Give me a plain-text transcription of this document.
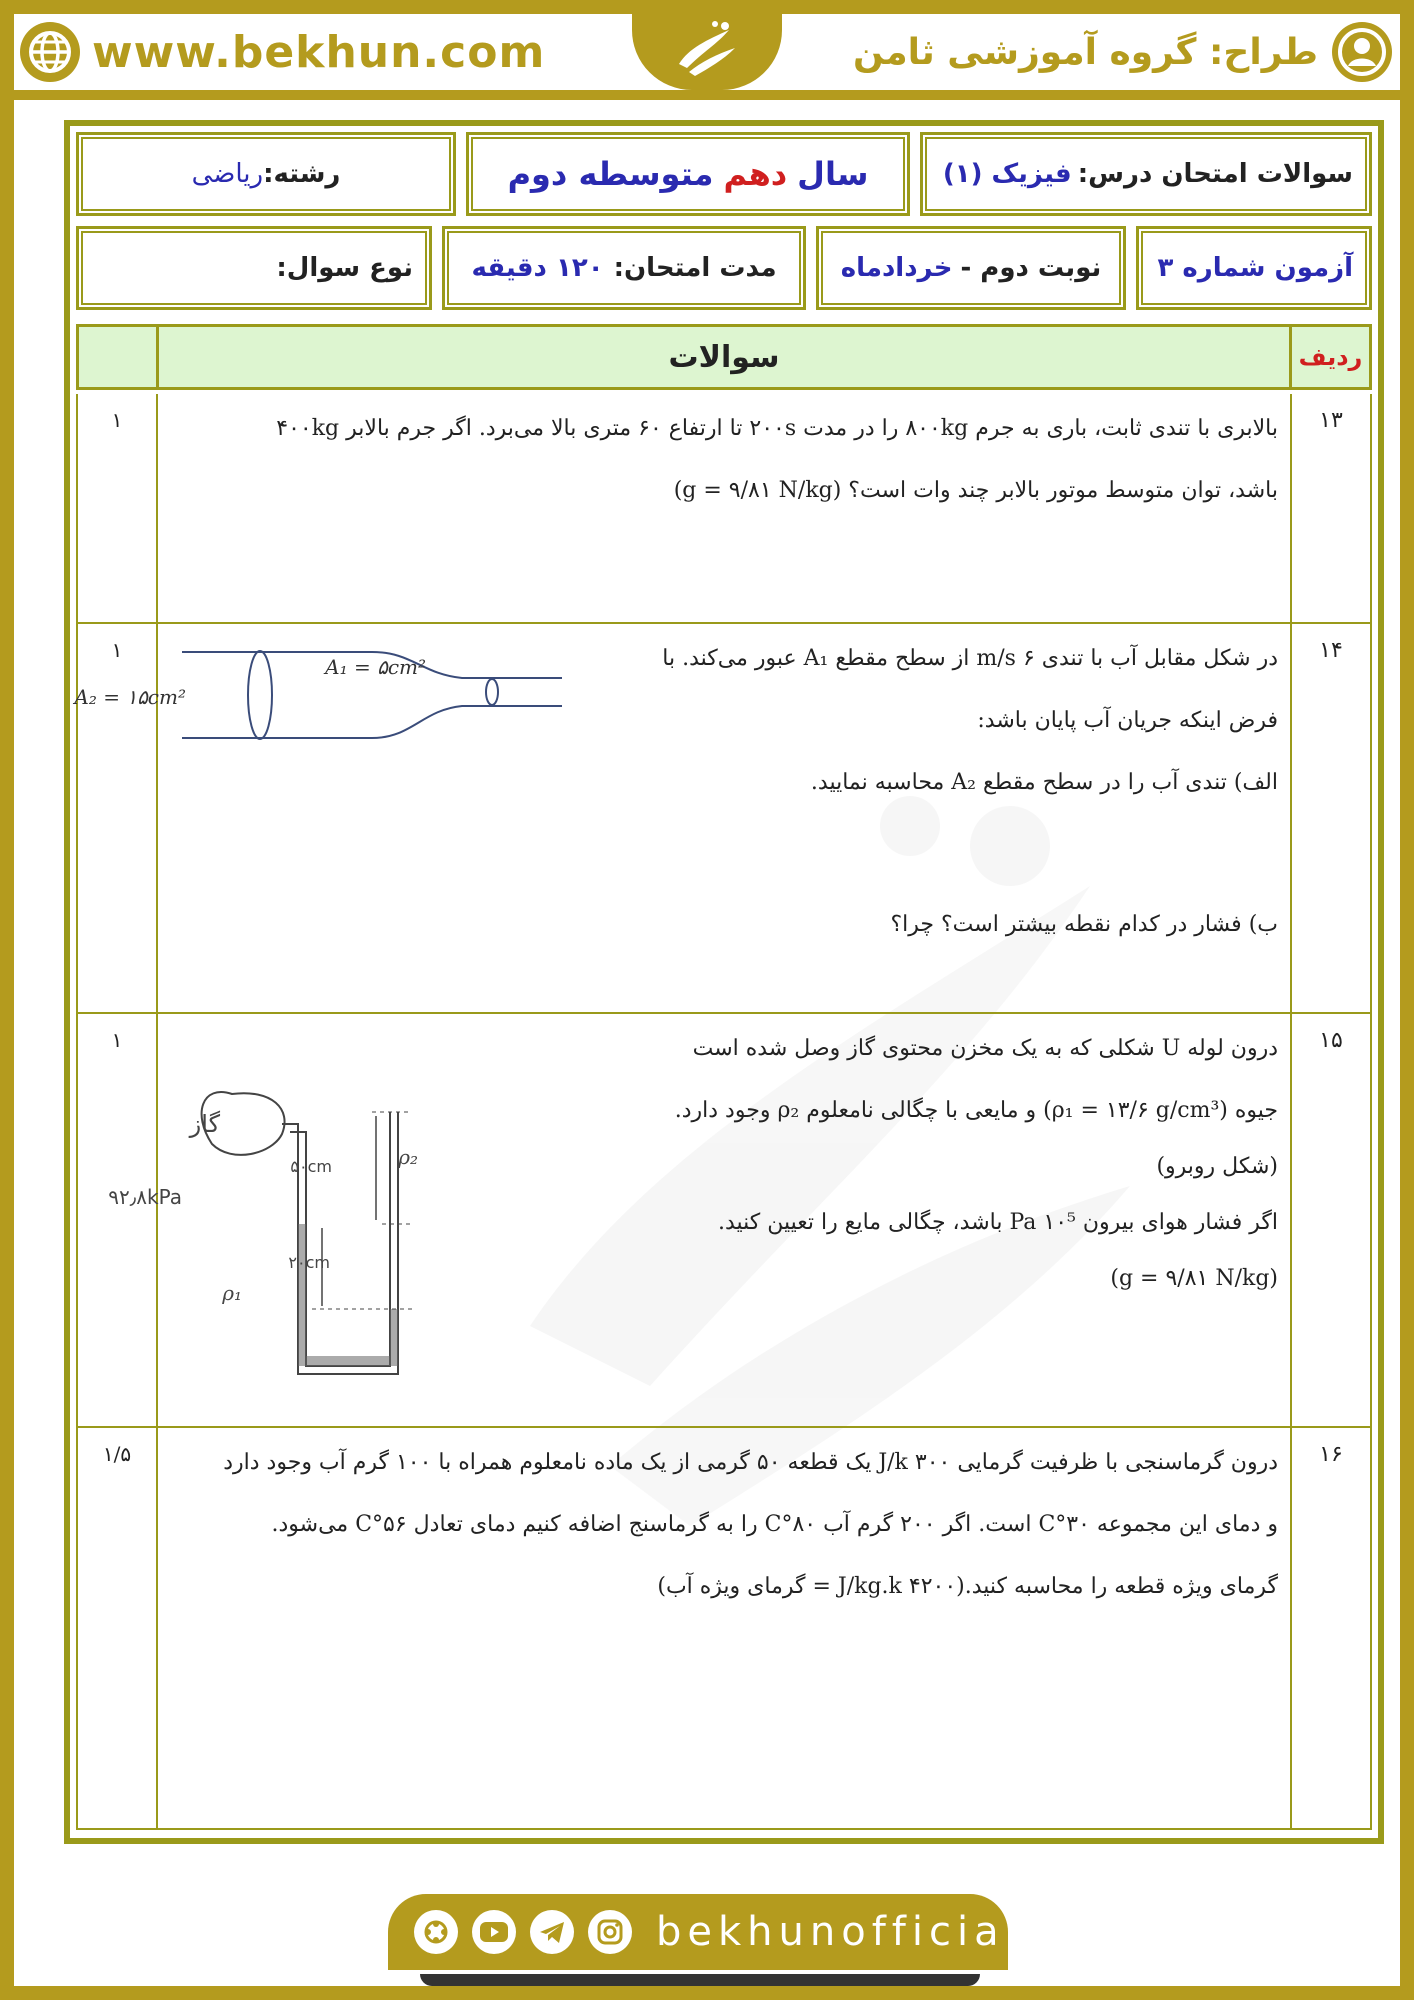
www.bekhun.com	طراح: گروه آموزشی ثامن
سوالات امتحان درس:
فیزیک (۱)
سال
دهم
متوسطه دوم
رشته:
ریاضی
آزمون شماره ۳
نوبت دوم -
خردادماه
مدت امتحان:
۱۲۰ دقیقه
نوع سوال:
ردیف
سوالات
۱۳
بالابری با تندی ثابت، باری به جرم ۸۰۰kg را در مدت ۲۰۰s تا ارتفاع ۶۰ متری بالا می‌برد. اگر جرم بالابر ۴۰۰kg
باشد، توان متوسط موتور بالابر چند وات است؟ (g = ۹/۸۱ N/kg)
۱
۱۴
در شکل مقابل آب با تندی ۶ m/s از سطح مقطع A₁ عبور می‌کند. با
فرض اینکه جریان آب پایان باشد:
الف) تندی آب را در سطح مقطع A₂ محاسبه نمایید.
ب) فشار در کدام نقطه بیشتر است؟ چرا؟
A₂ = ۱۵cm²
A₁ = ۵cm²
۱
۱۵
درون لوله U شکلی که به یک مخزن محتوی گاز وصل شده است
جیوه (ρ₁ = ۱۳/۶ g/cm³) و مایعی با چگالی نامعلوم ρ₂ وجود دارد.
(شکل روبرو)
اگر فشار هوای بیرون ۱۰⁵ Pa باشد، چگالی مایع را تعیین کنید.
(g = ۹/۸۱ N/kg)
گاز
۵۰cm
۲۰cm
۹۲٫۸kPa
ρ₂
ρ₁
۱
۱۶
درون گرماسنجی با ظرفیت گرمایی ۳۰۰ J/k یک قطعه ۵۰ گرمی از یک ماده نامعلوم همراه با ۱۰۰ گرم آب وجود دارد
و دمای این مجموعه ۳۰°C است. اگر ۲۰۰ گرم آب ۸۰°C را به گرماسنج اضافه کنیم دمای تعادل ۵۶°C می‌شود.
گرمای ویژه قطعه را محاسبه کنید.(۴۲۰۰ J/kg.k = گرمای ویژه آب)
۱/۵
bekhunofficial
